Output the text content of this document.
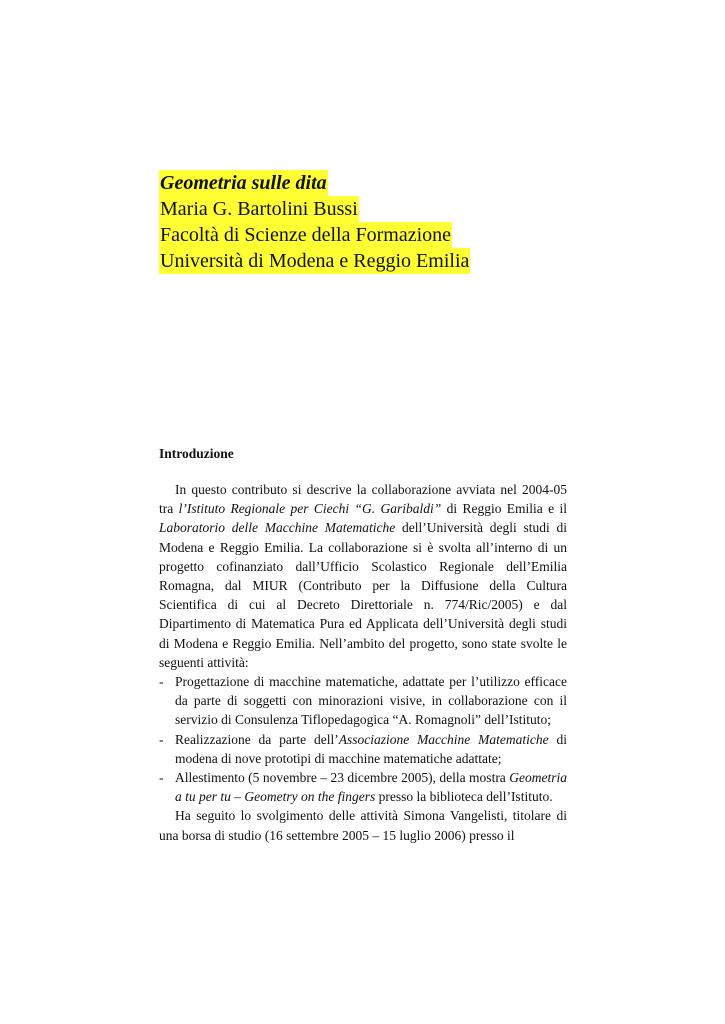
Geometria sulle dita
Maria G. Bartolini Bussi
Facoltà di Scienze della Formazione
Università di Modena e Reggio Emilia
Introduzione

In questo contributo si descrive la collaborazione avviata nel 2004-05 tra l’Istituto Regionale per Ciechi “G. Garibaldi” di Reggio Emilia e il Laboratorio delle Macchine Matematiche dell’Università degli studi di Modena e Reggio Emilia. La collaborazione si è svolta all’interno di un progetto cofinanziato dall’Ufficio Scolastico Regionale dell’Emilia Romagna, dal MIUR (Contributo per la Diffusione della Cultura Scientifica di cui al Decreto Direttoriale n. 774/Ric/2005) e dal Dipartimento di Matematica Pura ed Applicata dell’Università degli studi di Modena e Reggio Emilia. Nell’ambito del progetto, sono state svolte le seguenti attività:

- Progettazione di macchine matematiche, adattate per l’utilizzo efficace da parte di soggetti con minorazioni visive, in collaborazione con il servizio di Consulenza Tiflopedagogica “A. Romagnoli” dell’Istituto;
- Realizzazione da parte dell’Associazione Macchine Matematiche di modena di nove prototipi di macchine matematiche adattate;
- Allestimento (5 novembre – 23 dicembre 2005), della mostra Geometria a tu per tu – Geometry on the fingers presso la biblioteca dell’Istituto.

Ha seguito lo svolgimento delle attività Simona Vangelisti, titolare di una borsa di studio (16 settembre 2005 – 15 luglio 2006) presso il
